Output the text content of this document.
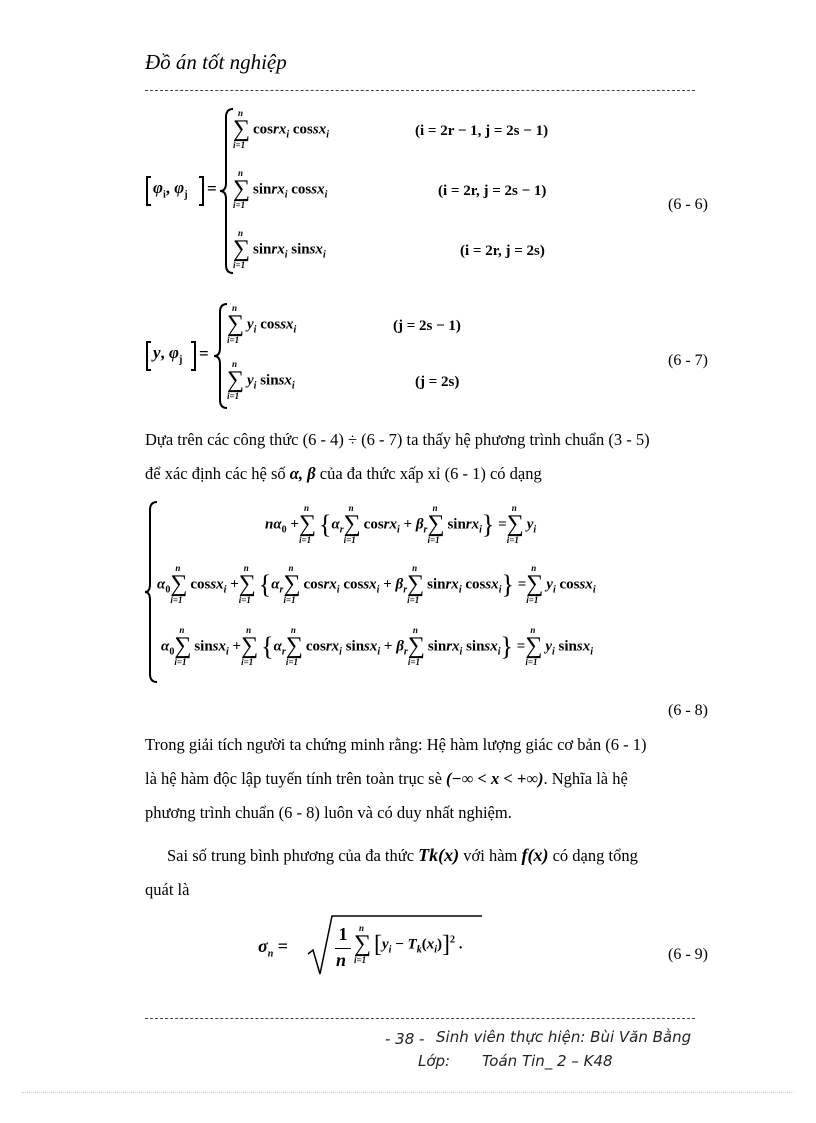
Đồ án tốt nghiệp
$\varphi_i$, $\varphi_j$ =
n
∑
i=1
cosrx$_i$ cossx$_i$	(i = 2r − 1, j = 2s − 1)
n
∑
i=1
sinrx$_i$ cossx$_i$	(i = 2r, j = 2s − 1)
n
∑
i=1
sinrx$_i$ sinsx$_i$	(i = 2r, j = 2s)
(6 - 6)
y, $\varphi_j$ =
n
∑
i=1
$y_i$ cossx$_i$	(j = 2s − 1)
n
∑
i=1
$y_i$ sinsx$_i$	(j = 2s)
(6 - 7)
Dựa trên các công thức (6 - 4) ÷ (6 - 7) ta thấy hệ phương trình chuẩn (3 - 5)
để xác định các hệ số α, β của đa thức xấp xỉ (6 - 1) có dạng
$n\alpha_0$ +
n
∑
i=1
{$\alpha_r$
n
∑
i=1
cosrx$_i$ + $\beta_r$
n
∑
i=1
sinrx$_i$} =
n
∑
i=1
$y_i$
$\alpha_0$
n
∑
i=1
cossx$_i$ +
n
∑
i=1
{$\alpha_r$
n
∑
i=1
cosrx$_i$ cossx$_i$ + $\beta_r$
n
∑
i=1
sinrx$_i$ cossx$_i$} =
n
∑
i=1
$y_i$ cossx$_i$
$\alpha_0$
n
∑
i=1
sinsx$_i$ +
n
∑
i=1
{$\alpha_r$
n
∑
i=1
cosrx$_i$ sinsx$_i$ + $\beta_r$
n
∑
i=1
sinrx$_i$ sinsx$_i$} =
n
∑
i=1
$y_i$ sinsx$_i$
(6 - 8)
Trong giải tích người ta chứng minh rằng: Hệ hàm lượng giác cơ bản (6 - 1)
là hệ hàm độc lập tuyến tính trên toàn trục sè (−∞ < x < +∞). Nghĩa là hệ
phương trình chuẩn (6 - 8) luôn và có duy nhất nghiệm.
Sai số trung bình phương của đa thức Tk(x) với hàm f(x) có dạng tổng
quát là
$\sigma_n$ =
1
n
n
∑
i=1
$[y_i - T_k(x_i)]^2$ .
(6 - 9)
- 38 - Sinh viên thực hiện: Bùi Văn Bằng
Lớp: Toán Tin_ 2 – K48
